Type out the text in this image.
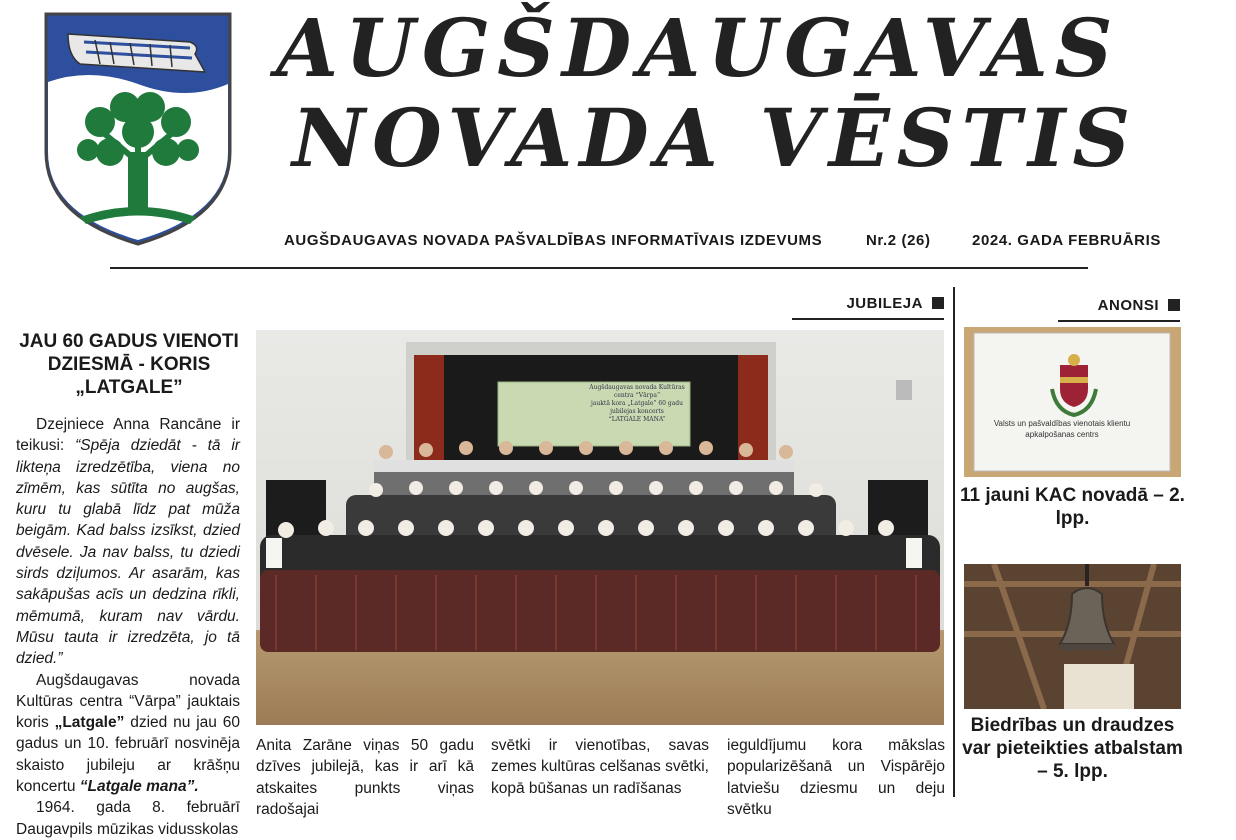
AUGŠDAUGAVAS
NOVADA VĒSTIS
AUGŠDAUGAVAS NOVADA PAŠVALDĪBAS INFORMATĪVAIS IZDEVUMS	Nr.2 (26)	2024. GADA FEBRUĀRIS
JUBILEJA	ANONSI
JAU 60 GADUS VIENOTI DZIESMĀ - KORIS „LATGALE”

Dzejniece Anna Rancāne ir teikusi: “Spēja dziedāt - tā ir likteņa izredzētība, viena no zīmēm, kas sūtīta no augšas, kuru tu glabā līdz pat mūža beigām. Kad balss izsīkst, dzied dvēsele. Ja nav balss, tu dziedi sirds dziļumos. Ar asarām, kas sakāpušas acīs un dedzina rīkli, mēmumā, kuram nav vārdu. Mūsu tauta ir izredzēta, jo tā dzied.”

Augšdaugavas novada Kultūras centra “Vārpa” jauktais koris „Latgale” dzied nu jau 60 gadus un 10. februārī nosvinēja skaisto jubileju ar krāšņu koncertu “Latgale mana”.

1964. gada 8. februārī Daugavpils mūzikas vidusskolas

Augšdaugavas novada Kultūras centra “Vārpa”
jauktā kora „Latgale” 60 gadu jubilejas koncerts
“LATGALE MANA”
Anita Zarāne viņas 50 gadu dzīves jubilejā, kas ir arī kā atskaites punkts viņas radošajai
svētki ir vienotības, savas zemes kultūras celšanas svētki, kopā būšanas un radīšanas
ieguldījumu kora mākslas popularizēšanā un Vispārējo latviešu dziesmu un deju svētku
Valsts un pašvaldības vienotais klientu apkalpošanas centrs
11 jauni KAC novadā – 2. lpp.
Biedrības un draudzes var pieteikties atbalstam – 5. lpp.
